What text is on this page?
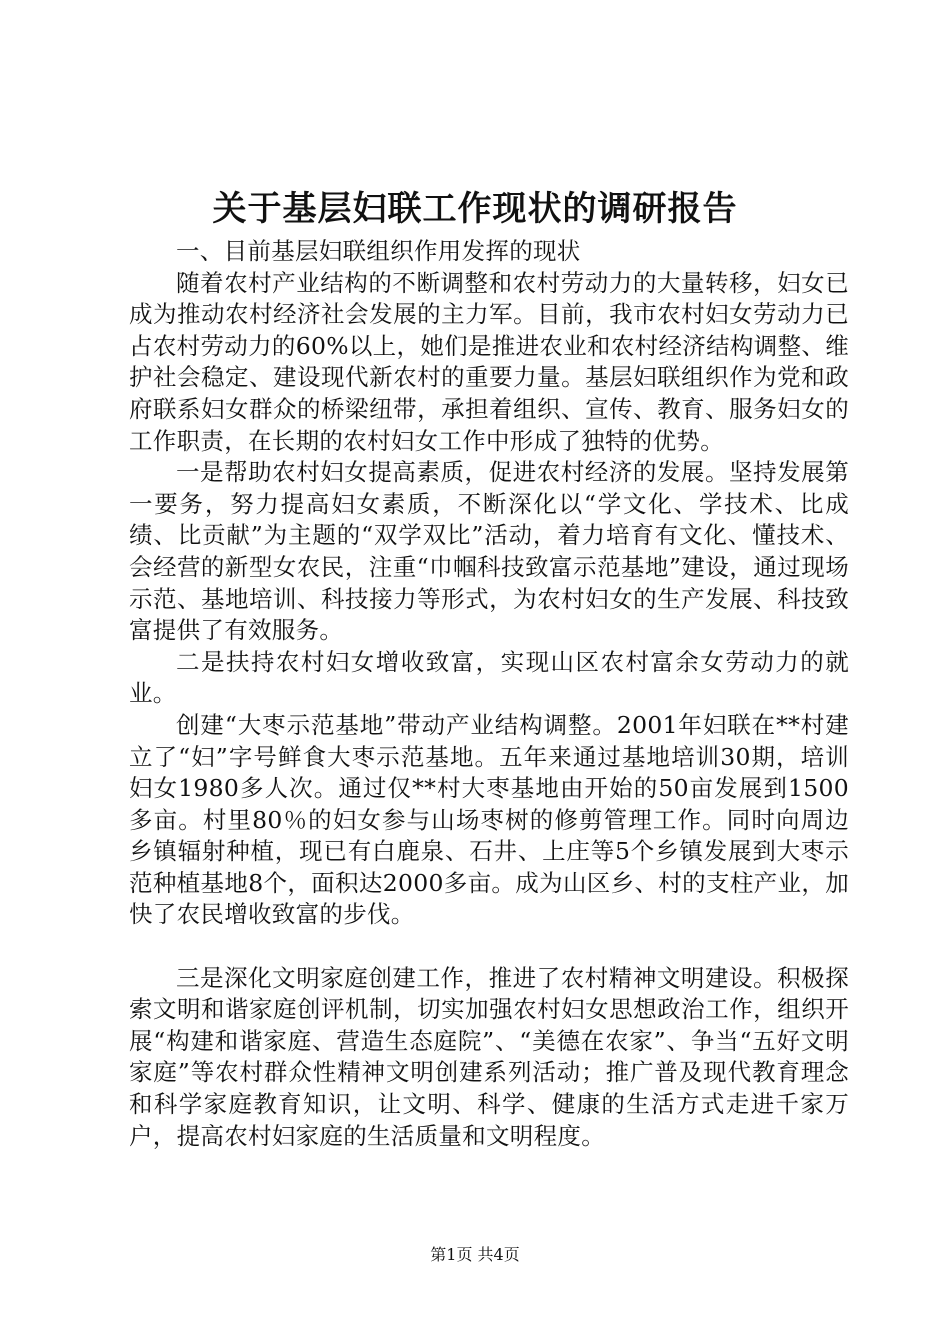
关于基层妇联工作现状的调研报告

一、目前基层妇联组织作用发挥的现状

随着农村产业结构的不断调整和农村劳动力的大量转移，妇女已成为推动农村经济社会发展的主力军。目前，我市农村妇女劳动力已占农村劳动力的60%以上，她们是推进农业和农村经济结构调整、维护社会稳定、建设现代新农村的重要力量。基层妇联组织作为党和政府联系妇女群众的桥梁纽带，承担着组织、宣传、教育、服务妇女的工作职责，在长期的农村妇女工作中形成了独特的优势。

一是帮助农村妇女提高素质，促进农村经济的发展。坚持发展第一要务，努力提高妇女素质，不断深化以“学文化、学技术、比成绩、比贡献”为主题的“双学双比”活动，着力培育有文化、懂技术、会经营的新型女农民，注重“巾帼科技致富示范基地”建设，通过现场示范、基地培训、科技接力等形式，为农村妇女的生产发展、科技致富提供了有效服务。

二是扶持农村妇女增收致富，实现山区农村富余女劳动力的就业。

创建“大枣示范基地”带动产业结构调整。2001年妇联在**村建立了“妇”字号鲜食大枣示范基地。五年来通过基地培训30期，培训妇女1980多人次。通过仅**村大枣基地由开始的50亩发展到1500多亩。村里80％的妇女参与山场枣树的修剪管理工作。同时向周边乡镇辐射种植，现已有白鹿泉、石井、上庄等5个乡镇发展到大枣示范种植基地8个，面积达2000多亩。成为山区乡、村的支柱产业，加快了农民增收致富的步伐。

三是深化文明家庭创建工作，推进了农村精神文明建设。积极探索文明和谐家庭创评机制，切实加强农村妇女思想政治工作，组织开展“构建和谐家庭、营造生态庭院”、“美德在农家”、争当“五好文明家庭”等农村群众性精神文明创建系列活动；推广普及现代教育理念和科学家庭教育知识，让文明、科学、健康的生活方式走进千家万户，提高农村妇家庭的生活质量和文明程度。

第1页 共4页
